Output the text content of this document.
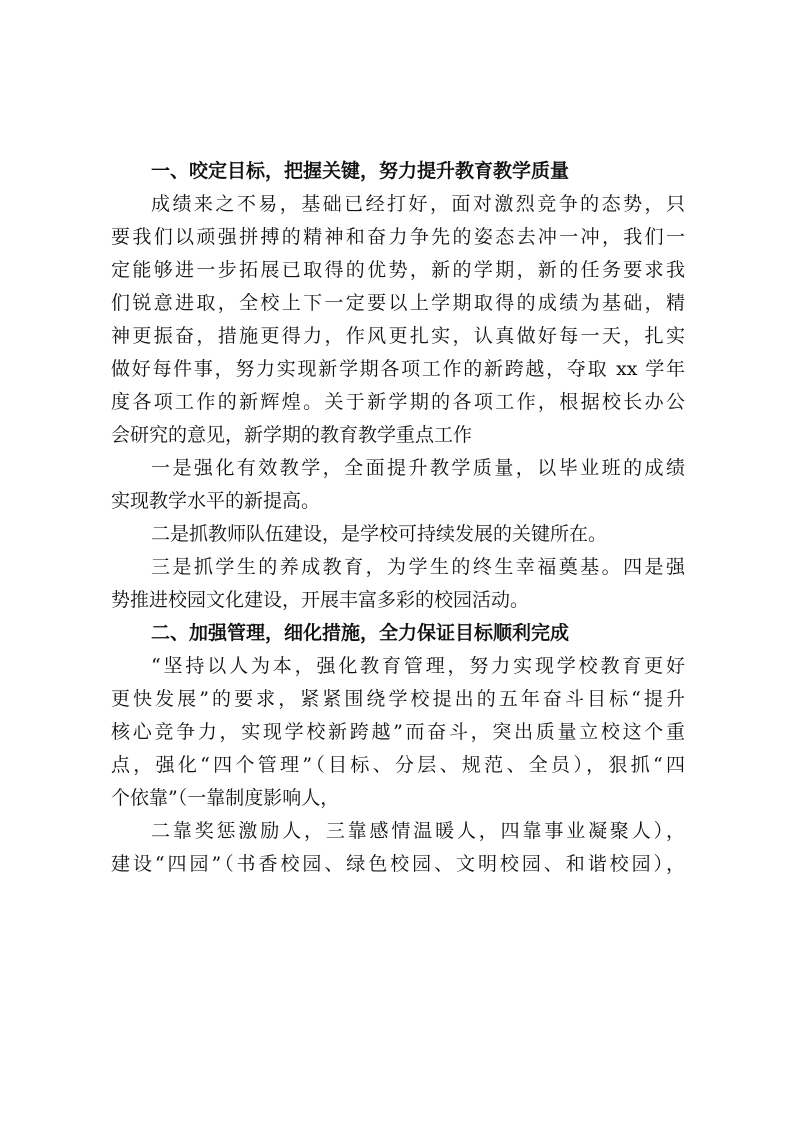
一、咬定目标，把握关键，努力提升教育教学质量
成绩来之不易，基础已经打好，面对激烈竞争的态势，只
要我们以顽强拼搏的精神和奋力争先的姿态去冲一冲，我们一
定能够进一步拓展已取得的优势，新的学期，新的任务要求我
们锐意进取，全校上下一定要以上学期取得的成绩为基础，精
神更振奋，措施更得力，作风更扎实，认真做好每一天，扎实
做好每件事，努力实现新学期各项工作的新跨越，夺取 xx 学年
度各项工作的新辉煌。关于新学期的各项工作，根据校长办公
会研究的意见，新学期的教育教学重点工作
一是强化有效教学，全面提升教学质量，以毕业班的成绩
实现教学水平的新提高。
二是抓教师队伍建设，是学校可持续发展的关键所在。
三是抓学生的养成教育，为学生的终生幸福奠基。四是强
势推进校园文化建设，开展丰富多彩的校园活动。
二、加强管理，细化措施，全力保证目标顺利完成
“坚持以人为本，强化教育管理，努力实现学校教育更好
更快发展”的要求，紧紧围绕学校提出的五年奋斗目标“提升
核心竞争力，实现学校新跨越”而奋斗，突出质量立校这个重
点，强化“四个管理”（目标、分层、规范、全员），狠抓“四
个依靠”（一靠制度影响人，
二靠奖惩激励人，三靠感情温暖人，四靠事业凝聚人），
建设“四园”（书香校园、绿色校园、文明校园、和谐校园），
